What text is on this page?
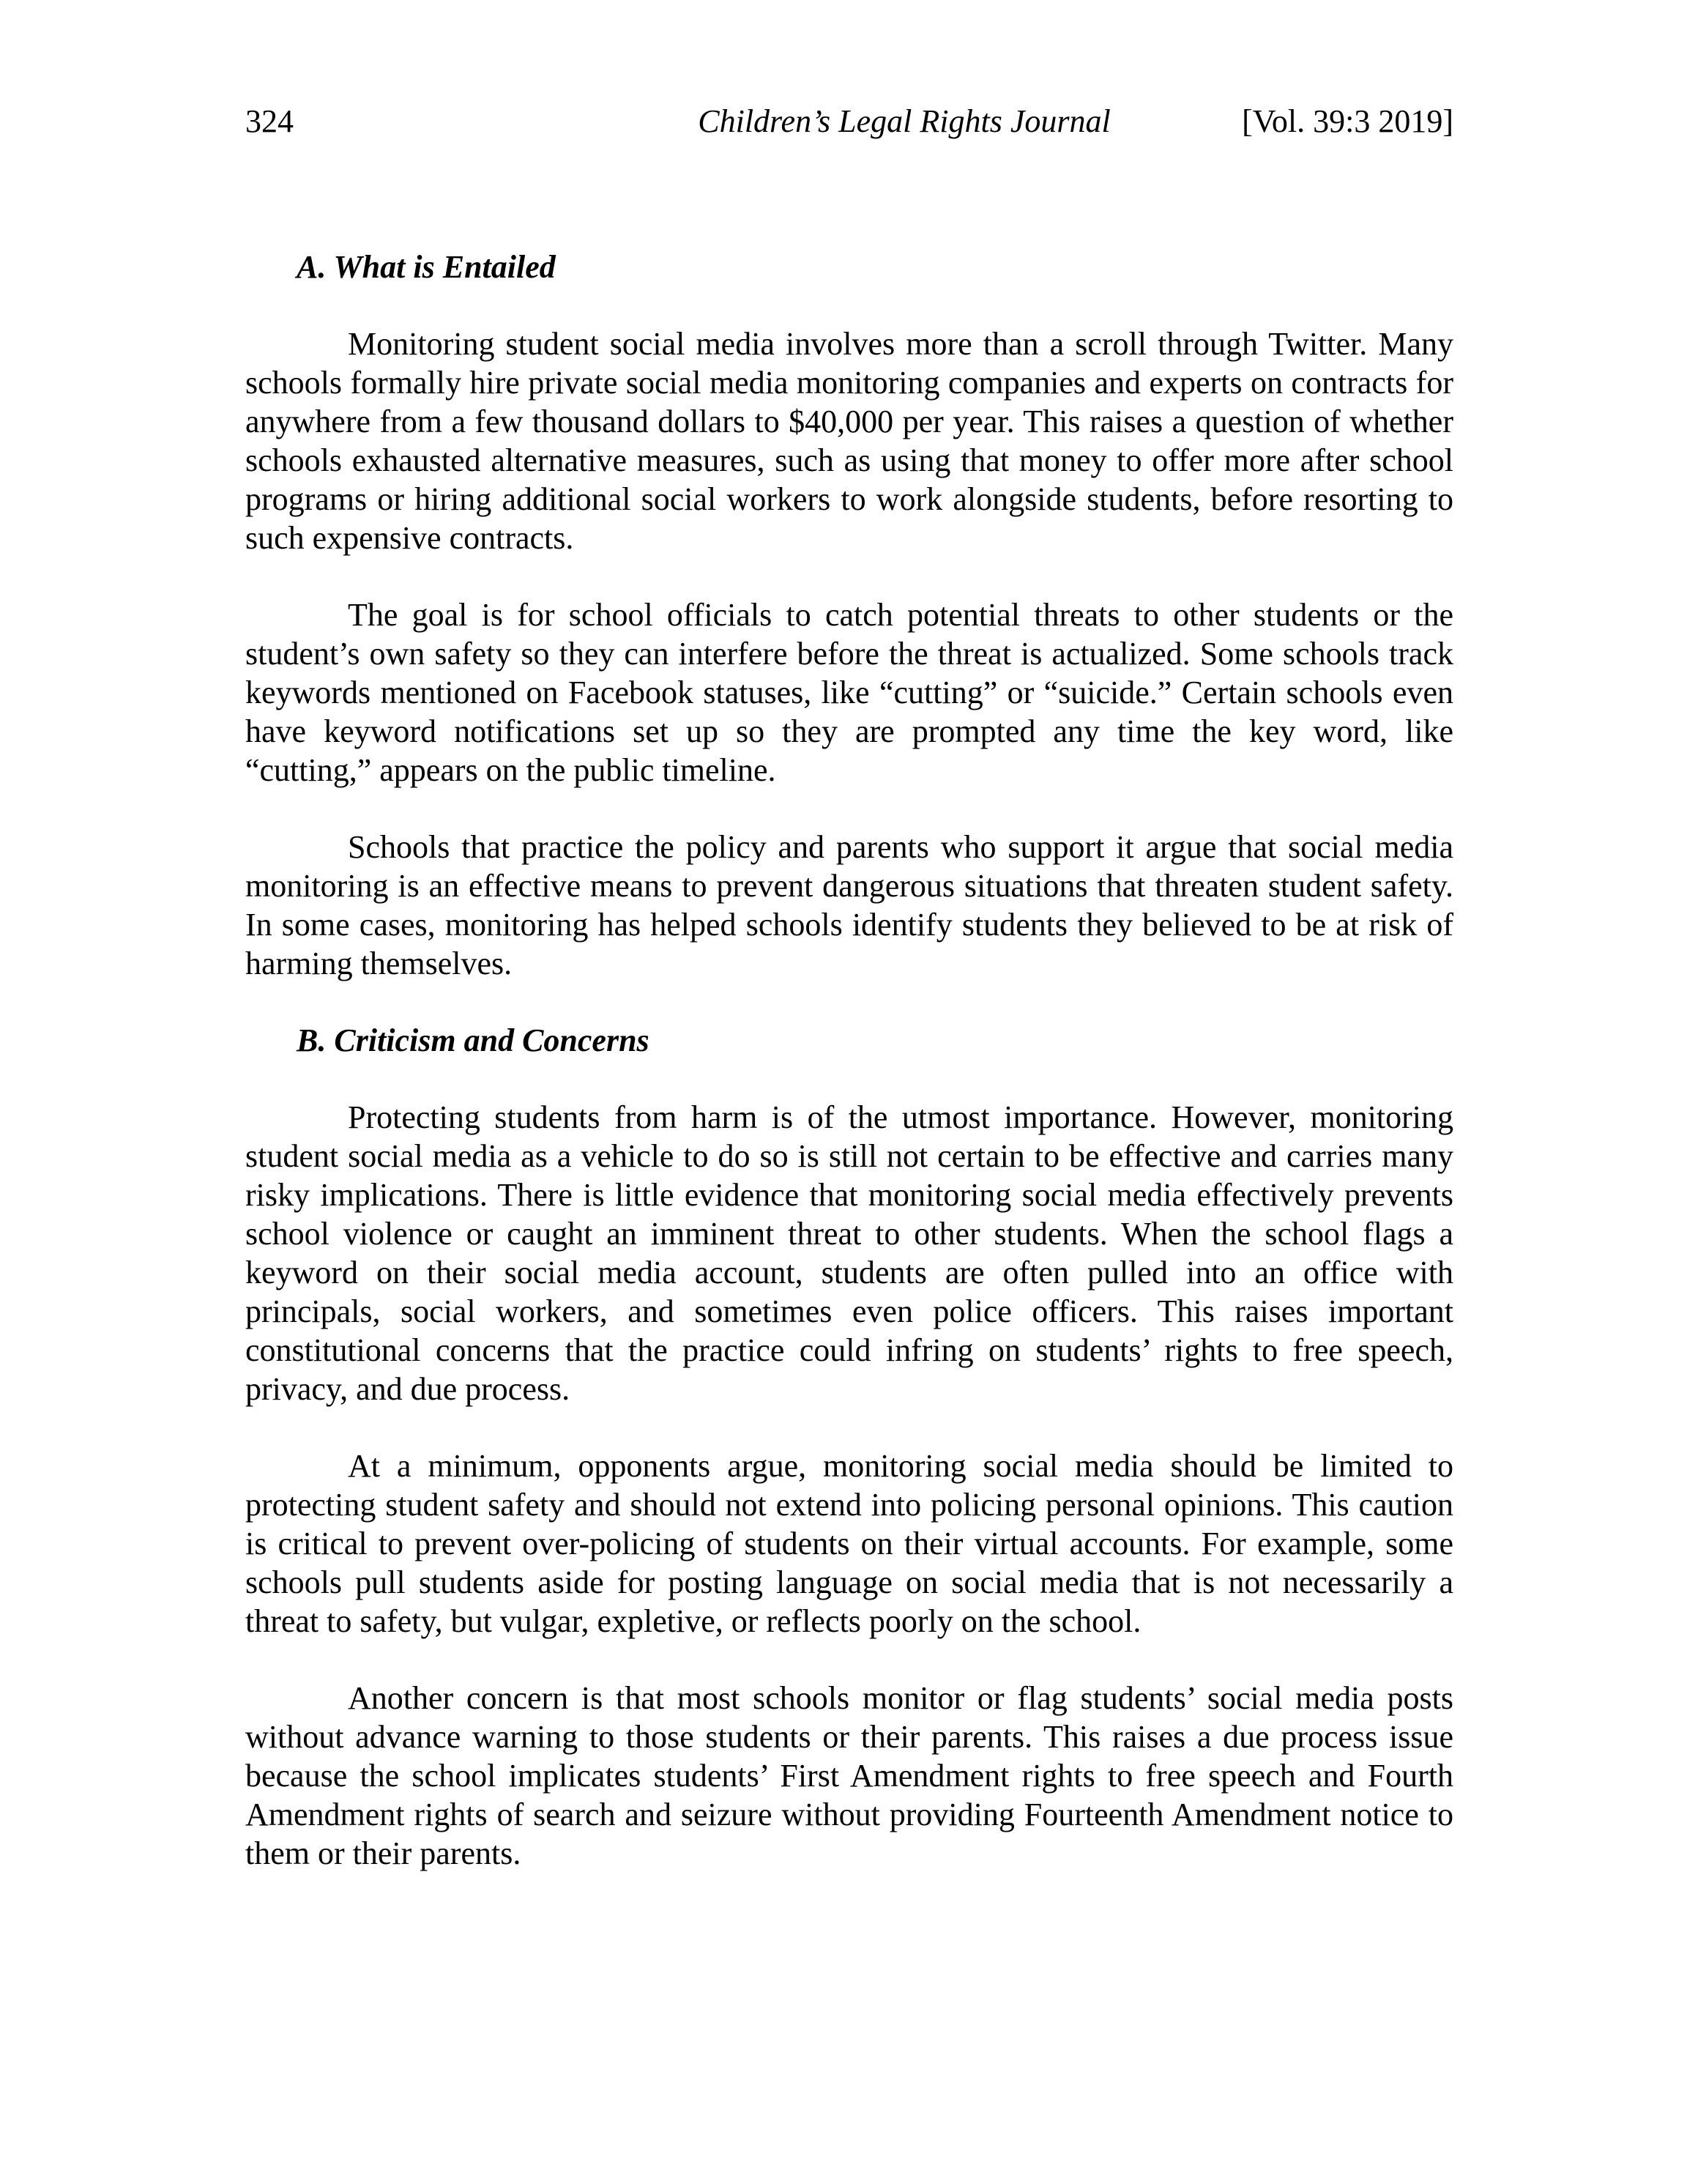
324	Children’s Legal Rights Journal	[Vol. 39:3 2019]
A. What is Entailed

Monitoring student social media involves more than a scroll through Twitter. Many schools formally hire private social media monitoring companies and experts on contracts for anywhere from a few thousand dollars to $40,000 per year. This raises a question of whether schools exhausted alternative measures, such as using that money to offer more after school programs or hiring additional social workers to work alongside students, before resorting to such expensive contracts.

The goal is for school officials to catch potential threats to other students or the student’s own safety so they can interfere before the threat is actualized. Some schools track keywords mentioned on Facebook statuses, like “cutting” or “suicide.” Certain schools even have keyword notifications set up so they are prompted any time the key word, like “cutting,” appears on the public timeline.

Schools that practice the policy and parents who support it argue that social media monitoring is an effective means to prevent dangerous situations that threaten student safety. In some cases, monitoring has helped schools identify students they believed to be at risk of harming themselves.

B. Criticism and Concerns

Protecting students from harm is of the utmost importance. However, monitoring student social media as a vehicle to do so is still not certain to be effective and carries many risky implications. There is little evidence that monitoring social media effectively prevents school violence or caught an imminent threat to other students. When the school flags a keyword on their social media account, students are often pulled into an office with principals, social workers, and sometimes even police officers. This raises important constitutional concerns that the practice could infring on students’ rights to free speech, privacy, and due process.

At a minimum, opponents argue, monitoring social media should be limited to protecting student safety and should not extend into policing personal opinions. This caution is critical to prevent over-policing of students on their virtual accounts. For example, some schools pull students aside for posting language on social media that is not necessarily a threat to safety, but vulgar, expletive, or reflects poorly on the school.

Another concern is that most schools monitor or flag students’ social media posts without advance warning to those students or their parents. This raises a due process issue because the school implicates students’ First Amendment rights to free speech and Fourth Amendment rights of search and seizure without providing Fourteenth Amendment notice to them or their parents.
